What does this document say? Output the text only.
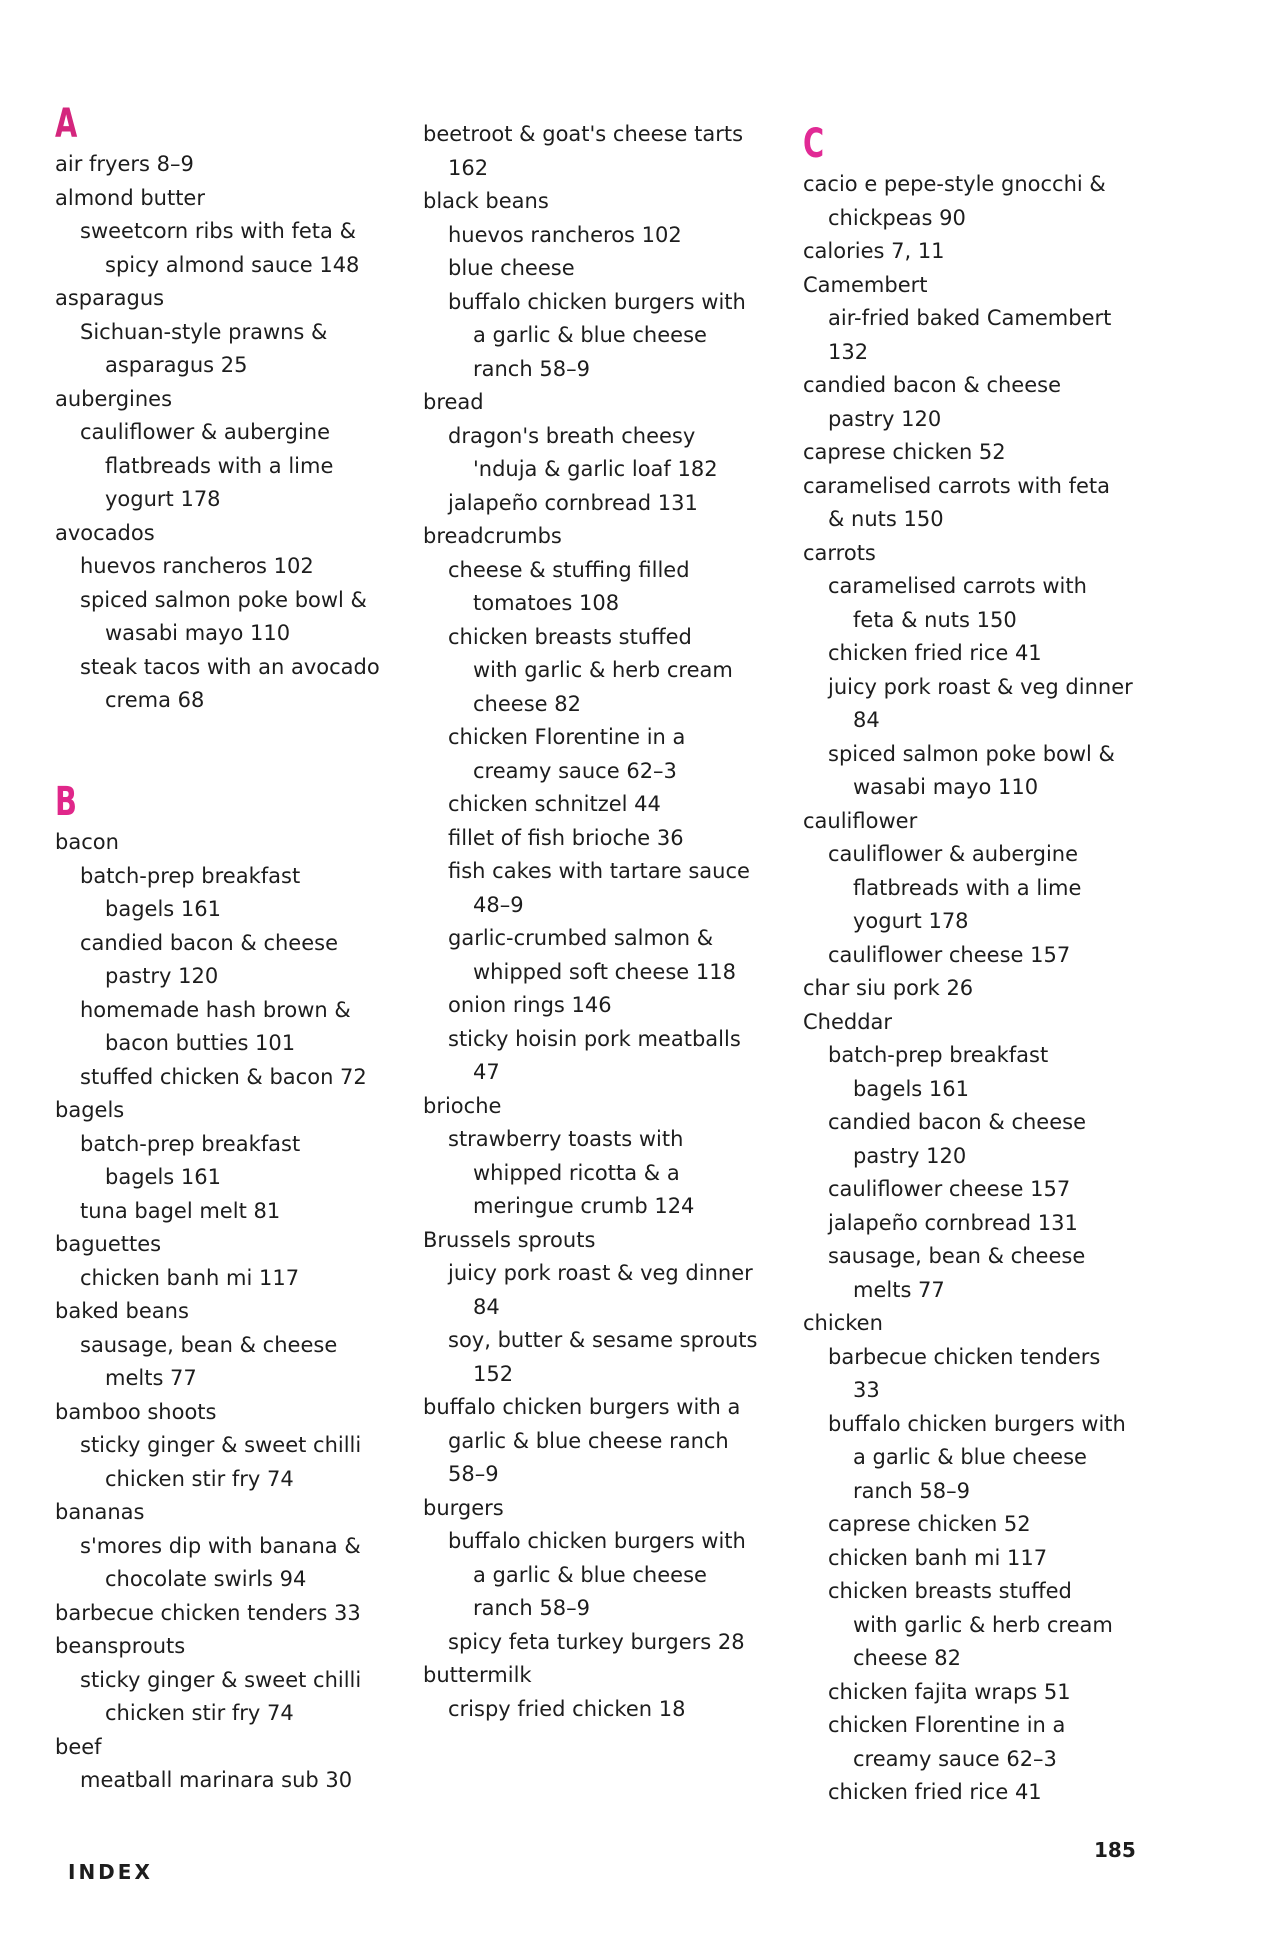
A
air fryers 8–9
almond butter
sweetcorn ribs with feta &
spicy almond sauce 148
asparagus
Sichuan-style prawns &
asparagus 25
aubergines
cauliflower & aubergine
flatbreads with a lime
yogurt 178
avocados
huevos rancheros 102
spiced salmon poke bowl &
wasabi mayo 110
steak tacos with an avocado
crema 68
B
bacon
batch-prep breakfast
bagels 161
candied bacon & cheese
pastry 120
homemade hash brown &
bacon butties 101
stuffed chicken & bacon 72
bagels
batch-prep breakfast
bagels 161
tuna bagel melt 81
baguettes
chicken banh mi 117
baked beans
sausage, bean & cheese
melts 77
bamboo shoots
sticky ginger & sweet chilli
chicken stir fry 74
bananas
s'mores dip with banana &
chocolate swirls 94
barbecue chicken tenders 33
beansprouts
sticky ginger & sweet chilli
chicken stir fry 74
beef
meatball marinara sub 30
beetroot & goat's cheese tarts
162
black beans
huevos rancheros 102
blue cheese
buffalo chicken burgers with
a garlic & blue cheese
ranch 58–9
bread
dragon's breath cheesy
'nduja & garlic loaf 182
jalapeño cornbread 131
breadcrumbs
cheese & stuffing filled
tomatoes 108
chicken breasts stuffed
with garlic & herb cream
cheese 82
chicken Florentine in a
creamy sauce 62–3
chicken schnitzel 44
fillet of fish brioche 36
fish cakes with tartare sauce
48–9
garlic-crumbed salmon &
whipped soft cheese 118
onion rings 146
sticky hoisin pork meatballs
47
brioche
strawberry toasts with
whipped ricotta & a
meringue crumb 124
Brussels sprouts
juicy pork roast & veg dinner
84
soy, butter & sesame sprouts
152
buffalo chicken burgers with a
garlic & blue cheese ranch
58–9
burgers
buffalo chicken burgers with
a garlic & blue cheese
ranch 58–9
spicy feta turkey burgers 28
buttermilk
crispy fried chicken 18
C
cacio e pepe-style gnocchi &
chickpeas 90
calories 7, 11
Camembert
air-fried baked Camembert
132
candied bacon & cheese
pastry 120
caprese chicken 52
caramelised carrots with feta
& nuts 150
carrots
caramelised carrots with
feta & nuts 150
chicken fried rice 41
juicy pork roast & veg dinner
84
spiced salmon poke bowl &
wasabi mayo 110
cauliflower
cauliflower & aubergine
flatbreads with a lime
yogurt 178
cauliflower cheese 157
char siu pork 26
Cheddar
batch-prep breakfast
bagels 161
candied bacon & cheese
pastry 120
cauliflower cheese 157
jalapeño cornbread 131
sausage, bean & cheese
melts 77
chicken
barbecue chicken tenders
33
buffalo chicken burgers with
a garlic & blue cheese
ranch 58–9
caprese chicken 52
chicken banh mi 117
chicken breasts stuffed
with garlic & herb cream
cheese 82
chicken fajita wraps 51
chicken Florentine in a
creamy sauce 62–3
chicken fried rice 41
INDEX
185
